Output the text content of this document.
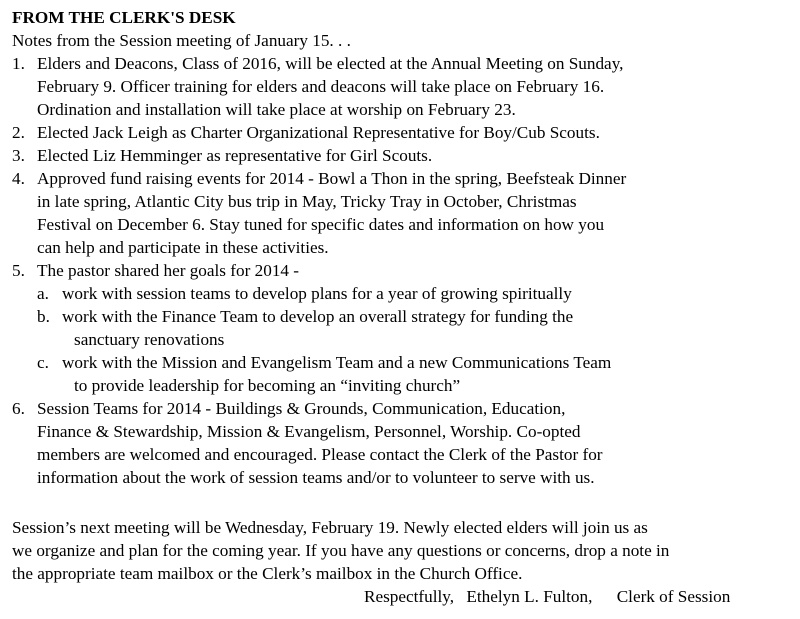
FROM THE CLERK'S DESK
Notes from the Session meeting of January 15. . .
1. Elders and Deacons, Class of 2016, will be elected at the Annual Meeting on Sunday,
February 9. Officer training for elders and deacons will take place on February 16.
Ordination and installation will take place at worship on February 23.
2. Elected Jack Leigh as Charter Organizational Representative for Boy/Cub Scouts.
3. Elected Liz Hemminger as representative for Girl Scouts.
4. Approved fund raising events for 2014 - Bowl a Thon in the spring, Beefsteak Dinner
in late spring, Atlantic City bus trip in May, Tricky Tray in October, Christmas
Festival on December 6. Stay tuned for specific dates and information on how you
can help and participate in these activities.
5. The pastor shared her goals for 2014 -
a. work with session teams to develop plans for a year of growing spiritually
b. work with the Finance Team to develop an overall strategy for funding the
sanctuary renovations
c. work with the Mission and Evangelism Team and a new Communications Team
to provide leadership for becoming an “inviting church”
6. Session Teams for 2014 - Buildings & Grounds, Communication, Education,
Finance & Stewardship, Mission & Evangelism, Personnel, Worship. Co-opted
members are welcomed and encouraged. Please contact the Clerk of the Pastor for
information about the work of session teams and/or to volunteer to serve with us.
Session’s next meeting will be Wednesday, February 19. Newly elected elders will join us as
we organize and plan for the coming year. If you have any questions or concerns, drop a note in
the appropriate team mailbox or the Clerk’s mailbox in the Church Office.
Respectfully, Ethelyn L. Fulton, Clerk of Session
